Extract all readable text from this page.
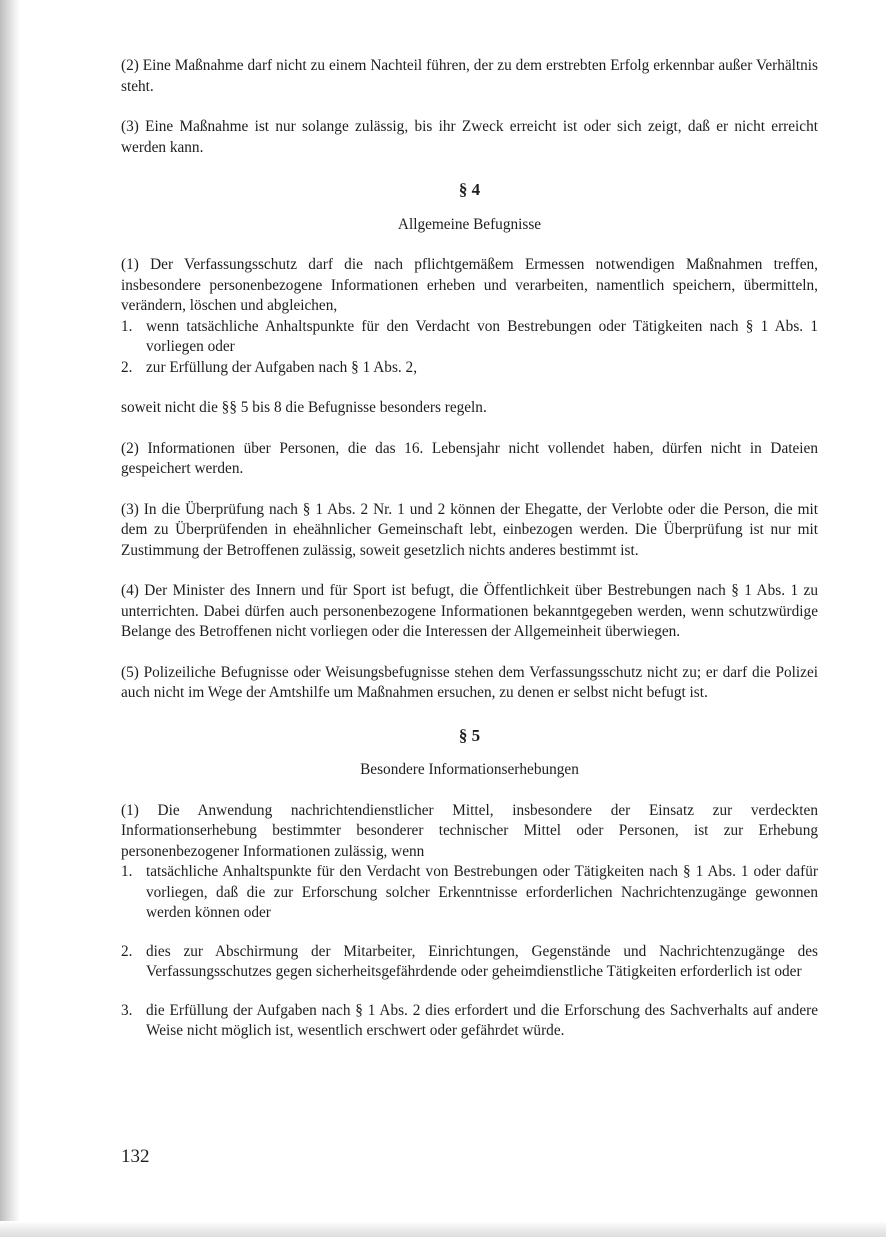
(2) Eine Maßnahme darf nicht zu einem Nachteil führen, der zu dem erstrebten Erfolg erkennbar außer Verhältnis steht.

(3) Eine Maßnahme ist nur solange zulässig, bis ihr Zweck erreicht ist oder sich zeigt, daß er nicht erreicht werden kann.

§ 4

Allgemeine Befugnisse

(1) Der Verfassungsschutz darf die nach pflichtgemäßem Ermessen notwendigen Maßnahmen treffen, insbesondere personenbezogene Informationen erheben und verarbeiten, namentlich speichern, übermitteln, verändern, löschen und abgleichen,

1. wenn tatsächliche Anhaltspunkte für den Verdacht von Bestrebungen oder Tätigkeiten nach § 1 Abs. 1 vorliegen oder
2. zur Erfüllung der Aufgaben nach § 1 Abs. 2,

soweit nicht die §§ 5 bis 8 die Befugnisse besonders regeln.

(2) Informationen über Personen, die das 16. Lebensjahr nicht vollendet haben, dürfen nicht in Dateien gespeichert werden.

(3) In die Überprüfung nach § 1 Abs. 2 Nr. 1 und 2 können der Ehegatte, der Verlobte oder die Person, die mit dem zu Überprüfenden in eheähnlicher Gemeinschaft lebt, einbezogen werden. Die Überprüfung ist nur mit Zustimmung der Betroffenen zulässig, soweit gesetzlich nichts anderes bestimmt ist.

(4) Der Minister des Innern und für Sport ist befugt, die Öffentlichkeit über Bestrebungen nach § 1 Abs. 1 zu unterrichten. Dabei dürfen auch personenbezogene Informationen bekanntgegeben werden, wenn schutzwürdige Belange des Betroffenen nicht vorliegen oder die Interessen der Allgemeinheit überwiegen.

(5) Polizeiliche Befugnisse oder Weisungsbefugnisse stehen dem Verfassungsschutz nicht zu; er darf die Polizei auch nicht im Wege der Amtshilfe um Maßnahmen ersuchen, zu denen er selbst nicht befugt ist.

§ 5

Besondere Informationserhebungen

(1) Die Anwendung nachrichtendienstlicher Mittel, insbesondere der Einsatz zur verdeckten Informationserhebung bestimmter besonderer technischer Mittel oder Personen, ist zur Erhebung personenbezogener Informationen zulässig, wenn

1. tatsächliche Anhaltspunkte für den Verdacht von Bestrebungen oder Tätigkeiten nach § 1 Abs. 1 oder dafür vorliegen, daß die zur Erforschung solcher Erkenntnisse erforderlichen Nachrichtenzugänge gewonnen werden können oder
2. dies zur Abschirmung der Mitarbeiter, Einrichtungen, Gegenstände und Nachrichtenzugänge des Verfassungsschutzes gegen sicherheitsgefährdende oder geheimdienstliche Tätigkeiten erforderlich ist oder
3. die Erfüllung der Aufgaben nach § 1 Abs. 2 dies erfordert und die Erforschung des Sachverhalts auf andere Weise nicht möglich ist, wesentlich erschwert oder gefährdet würde.
132
